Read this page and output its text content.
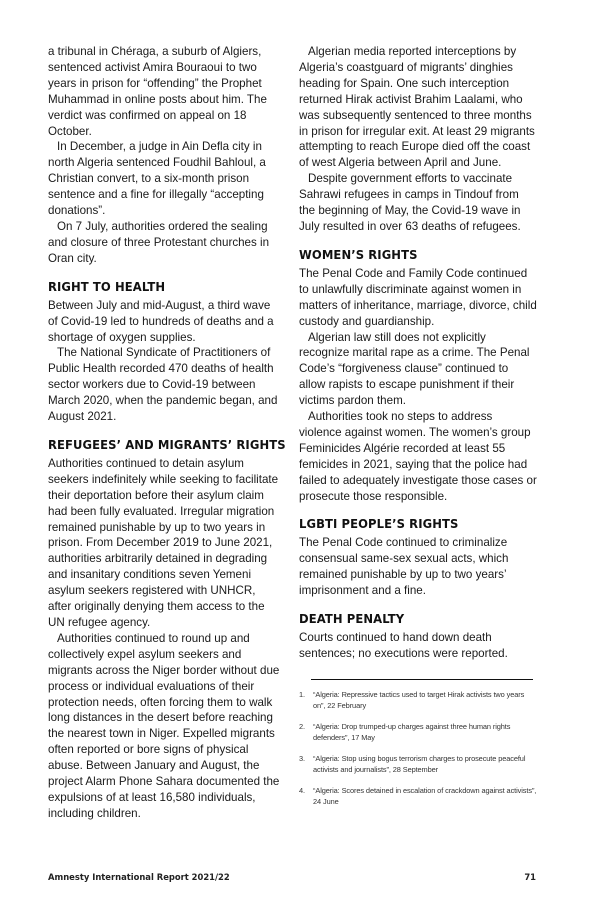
a tribunal in Chéraga, a suburb of Algiers, sentenced activist Amira Bouraoui to two years in prison for “offending” the Prophet Muhammad in online posts about him. The verdict was confirmed on appeal on 18 October.

In December, a judge in Ain Defla city in north Algeria sentenced Foudhil Bahloul, a Christian convert, to a six-month prison sentence and a fine for illegally “accepting donations”.

On 7 July, authorities ordered the sealing and closure of three Protestant churches in Oran city.

RIGHT TO HEALTH

Between July and mid-August, a third wave of Covid-19 led to hundreds of deaths and a shortage of oxygen supplies.

The National Syndicate of Practitioners of Public Health recorded 470 deaths of health sector workers due to Covid-19 between March 2020, when the pandemic began, and August 2021.

REFUGEES’ AND MIGRANTS’ RIGHTS

Authorities continued to detain asylum seekers indefinitely while seeking to facilitate their deportation before their asylum claim had been fully evaluated. Irregular migration remained punishable by up to two years in prison. From December 2019 to June 2021, authorities arbitrarily detained in degrading and insanitary conditions seven Yemeni asylum seekers registered with UNHCR, after originally denying them access to the UN refugee agency.

Authorities continued to round up and collectively expel asylum seekers and migrants across the Niger border without due process or individual evaluations of their protection needs, often forcing them to walk long distances in the desert before reaching the nearest town in Niger. Expelled migrants often reported or bore signs of physical abuse. Between January and August, the project Alarm Phone Sahara documented the expulsions of at least 16,580 individuals, including children.

Algerian media reported interceptions by Algeria’s coastguard of migrants’ dinghies heading for Spain. One such interception returned Hirak activist Brahim Laalami, who was subsequently sentenced to three months in prison for irregular exit. At least 29 migrants attempting to reach Europe died off the coast of west Algeria between April and June.

Despite government efforts to vaccinate Sahrawi refugees in camps in Tindouf from the beginning of May, the Covid-19 wave in July resulted in over 63 deaths of refugees.

WOMEN’S RIGHTS

The Penal Code and Family Code continued to unlawfully discriminate against women in matters of inheritance, marriage, divorce, child custody and guardianship.

Algerian law still does not explicitly recognize marital rape as a crime. The Penal Code’s “forgiveness clause” continued to allow rapists to escape punishment if their victims pardon them.

Authorities took no steps to address violence against women. The women’s group Feminicides Algérie recorded at least 55 femicides in 2021, saying that the police had failed to adequately investigate those cases or prosecute those responsible.

LGBTI PEOPLE’S RIGHTS

The Penal Code continued to criminalize consensual same-sex sexual acts, which remained punishable by up to two years’ imprisonment and a fine.

DEATH PENALTY

Courts continued to hand down death sentences; no executions were reported.

1. “Algeria: Repressive tactics used to target Hirak activists two years on”, 22 February
2. “Algeria: Drop trumped-up charges against three human rights defenders”, 17 May
3. “Algeria: Stop using bogus terrorism charges to prosecute peaceful activists and journalists”, 28 September
4. “Algeria: Scores detained in escalation of crackdown against activists”, 24 June
Amnesty International Report 2021/22	71
